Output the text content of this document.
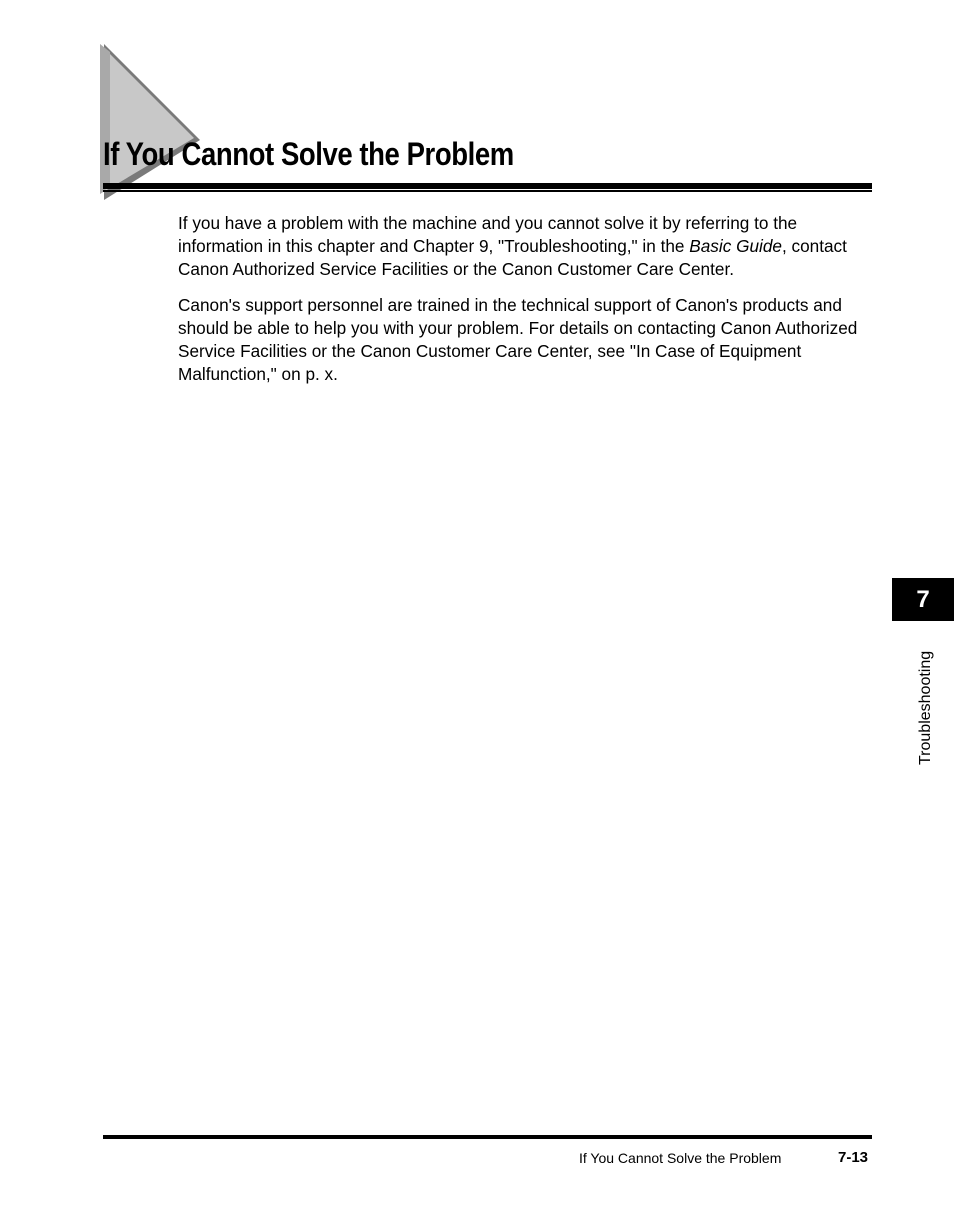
If You Cannot Solve the Problem

If you have a problem with the machine and you cannot solve it by referring to the information in this chapter and Chapter 9, "Troubleshooting," in the Basic Guide, contact Canon Authorized Service Facilities or the Canon Customer Care Center.

Canon's support personnel are trained in the technical support of Canon's products and should be able to help you with your problem. For details on contacting Canon Authorized Service Facilities or the Canon Customer Care Center, see "In Case of Equipment Malfunction," on p. x.

7
Troubleshooting
If You Cannot Solve the Problem	7-13
